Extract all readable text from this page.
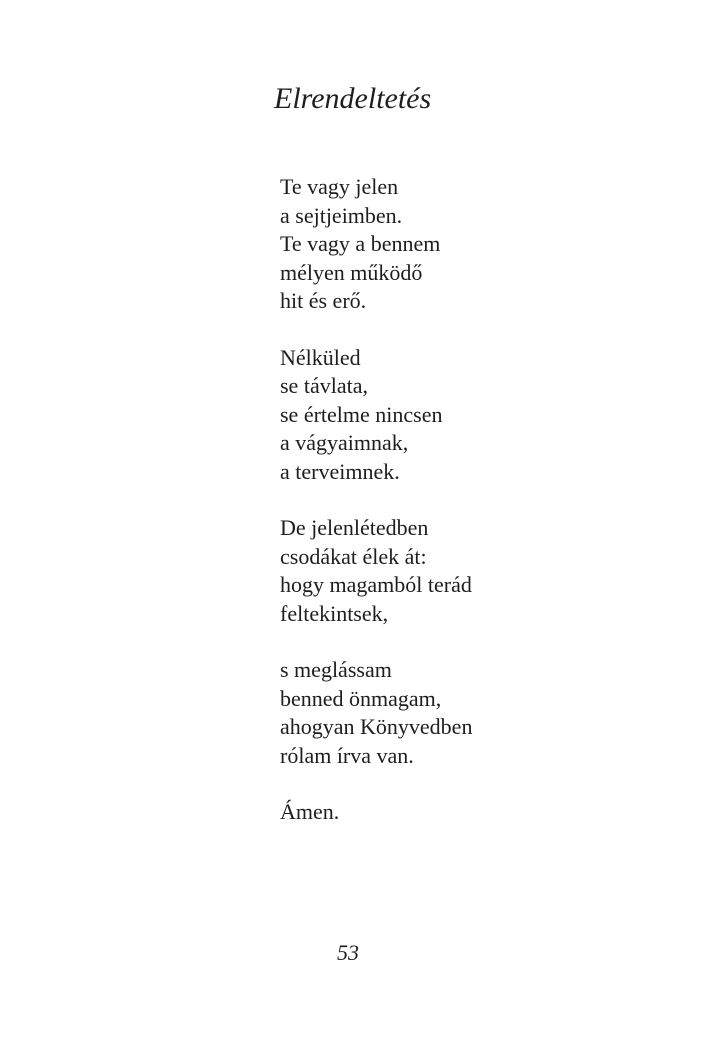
Elrendeltetés
Te vagy jelen
a sejtjeimben.
Te vagy a bennem
mélyen működő
hit és erő.
Nélküled
se távlata,
se értelme nincsen
a vágyaimnak,
a terveimnek.
De jelenlétedben
csodákat élek át:
hogy magamból terád
feltekintsek,
s meglássam
benned önmagam,
ahogyan Könyvedben
rólam írva van.
Ámen.
53
